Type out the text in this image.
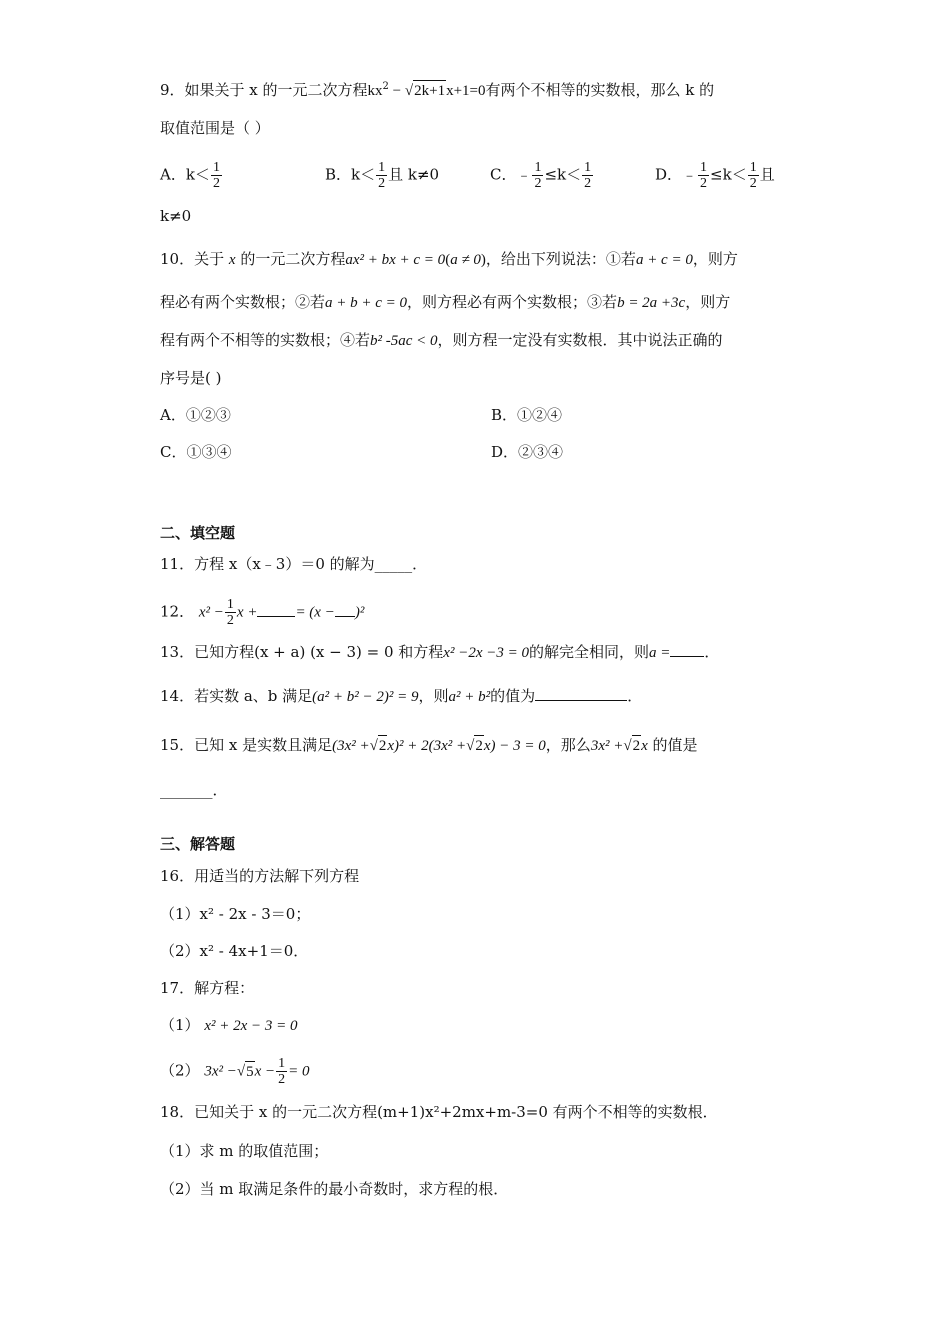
9．如果关于 x 的一元二次方程$kx^2 - √2k+1x+1=0$有两个不相等的实数根，那么 k 的
取值范围是（ ）
A．$k< \frac{1}{2}$	B．$k< \frac{1}{2}$ 且 k≠0	C．﹣ $\frac{1}{2} \le k< \frac{1}{2}$	D．﹣ $\frac{1}{2} \le k< \frac{1}{2}$ 且
k≠0
10．关于 x 的一元二次方程ax² + bx + c = 0(a ≠ 0)，给出下列说法：①若a + c = 0，则方
程必有两个实数根；②若a + b + c = 0，则方程必有两个实数根；③若b = 2a +3c，则方
程有两个不相等的实数根；④若b² -5ac < 0，则方程一定没有实数根．其中说法正确的
序号是( )
A．①②③	B．①②④
C．①③④	D．②③④
二、填空题
11．方程 x（x﹣3）＝0 的解为_____．
12． $x^2 - \frac{1}{2}$ x +	= (x − )²
13．已知方程(x + a) (x − 3) = 0 和方程x² −2x −3 = 0的解完全相同，则a = ．
14．若实数 a、b 满足(a² + b² − 2)² = 9，则a² + b²的值为	．
15．已知 x 是实数且满足(3x² +√2x)² + 2(3x² +√2x) − 3 = 0，那么3x² +√2x 的值是
_______．
三、解答题
16．用适当的方法解下列方程
（1）x² - 2x - 3＝0；
（2）x² - 4x+1＝0．
17．解方程：
（1） x² + 2x − 3 = 0
（2） $3x^2 -√5x - \frac{1}{2} = 0$
18．已知关于 x 的一元二次方程(m+1)x²+2mx+m-3=0 有两个不相等的实数根．
（1）求 m 的取值范围；
（2）当 m 取满足条件的最小奇数时，求方程的根．
